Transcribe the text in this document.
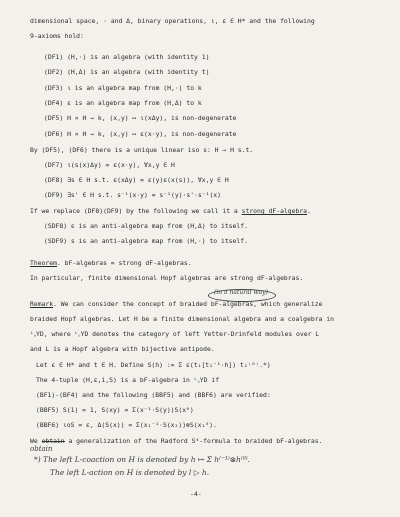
dimensional space, · and Δ, binary operations, ι, ε ∈ H* and the following
9-axioms hold:
(DF1) (H,·) is an algebra (with identity 1)
(DF2) (H,Δ) is an algebra (with identity t)
(DF3) ι is an algebra map from (H,·) to k
(DF4) ε is an algebra map from (H,Δ) to k
(DF5) H × H → k, (x,y) ↦ ι(xΔy), is non-degenerate
(DF6) H × H → k, (x,y) ↦ ε(x·y), is non-degenerate
By (DF5), (DF6) there is a unique linear iso s: H → H s.t.
(DF7) ι(s(x)Δy) = ε(x·y), ∀x,y ∈ H
(DF8) ∃s ∈ H s.t. ε(xΔy) = ε(y)ε(x(s)), ∀x,y ∈ H
(DF9) ∃s' ∈ H s.t. s⁻¹(x·y) = s⁻¹(y)·s'·s⁻¹(x)
If we replace (DF8)(DF9) by the following we call it a strong dF-algebra.
(SDF8) ε is an anti-algebra map from (H,Δ) to itself.
(SDF9) s is an anti-algebra map from (H,·) to itself.
Theorem. bF-algebras = strong dF-algebras.
In particular, finite dimensional Hopf algebras are strong dF-algebras.
(in a natural way)
Remark. We can consider the concept of braided bF-algebras, which generalize
braided Hopf algebras. Let H be a finite dimensional algebra and a coalgebra in
ᴸ꜀YD, where ᴸ꜀YD denotes the category of left Yetter-Drinfeld modules over L
and L is a Hopf algebra with bijective antipode.
Let ε ∈ H* and t ∈ H. Define S(h) := Σ ε(t₁[t₂⁻¹·h]) t₂⁽⁰⁾.*)
The 4-tuple (H,ε,i,S) is a bF-algebra in ᴸ꜀YD if
(BF1)-(BF4) and the following (BBF5) and (BBF6) are verified:
(BBF5) S(1) = 1, S(xy) = Σ(x⁻¹·S(y))S(x⁰)
(BBF6) ιoS = ε, Δ(S(x)) = Σ(x₁⁻¹·S(x₂))⊗S(x₁⁰).
We obtain a generalization of the Radford S⁴-formula to braided bF-algebras.
obtain
*) The left L-coaction on H is denoted by h ↦ Σ h⁽⁻¹⁾⊗h⁽⁰⁾.
The left L-action on H is denoted by l ▷ h.
-4-
